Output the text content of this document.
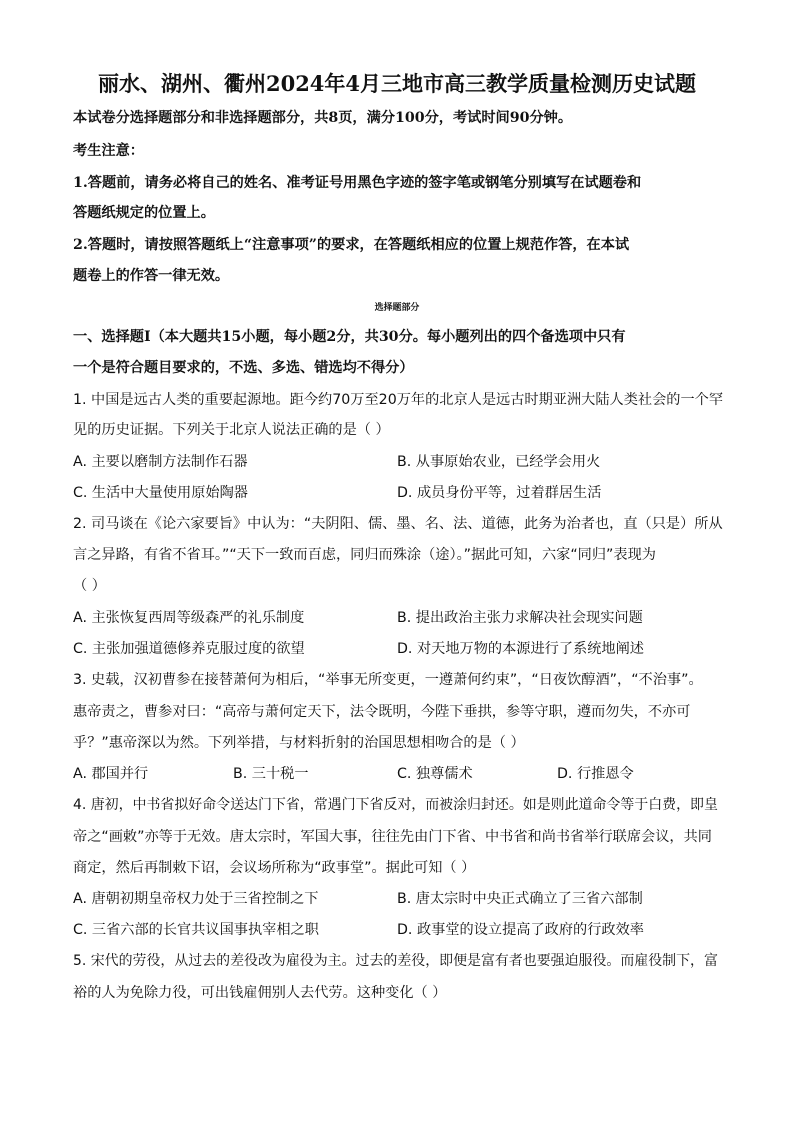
丽水、湖州、衢州2024年4月三地市高三教学质量检测历史试题
本试卷分选择题部分和非选择题部分，共8页，满分100分，考试时间90分钟。
考生注意：
1.答题前，请务必将自己的姓名、准考证号用黑色字迹的签字笔或钢笔分别填写在试题卷和
答题纸规定的位置上。
2.答题时，请按照答题纸上“注意事项”的要求，在答题纸相应的位置上规范作答，在本试
题卷上的作答一律无效。
选择题部分
一、选择题Ⅰ（本大题共15小题，每小题2分，共30分。每小题列出的四个备选项中只有
一个是符合题目要求的，不选、多选、错选均不得分）
1. 中国是远古人类的重要起源地。距今约70万至20万年的北京人是远古时期亚洲大陆人类社会的一个罕
见的历史证据。下列关于北京人说法正确的是（ ）
A. 主要以磨制方法制作石器	B. 从事原始农业，已经学会用火
C. 生活中大量使用原始陶器	D. 成员身份平等，过着群居生活
2. 司马谈在《论六家要旨》中认为：“夫阴阳、儒、墨、名、法、道德，此务为治者也，直（只是）所从
言之异路，有省不省耳。”“天下一致而百虑，同归而殊涂（途）。”据此可知，六家“同归”表现为
（ ）
A. 主张恢复西周等级森严的礼乐制度	B. 提出政治主张力求解决社会现实问题
C. 主张加强道德修养克服过度的欲望	D. 对天地万物的本源进行了系统地阐述
3. 史载，汉初曹参在接替萧何为相后，“举事无所变更，一遵萧何约束”，“日夜饮醇酒”，“不治事”。
惠帝责之，曹参对曰：“高帝与萧何定天下，法令既明，今陛下垂拱，参等守职，遵而勿失，不亦可
乎？”惠帝深以为然。下列举措，与材料折射的治国思想相吻合的是（ ）
A. 郡国并行	B. 三十税一	C. 独尊儒术	D. 行推恩令
4. 唐初，中书省拟好命令送达门下省，常遇门下省反对，而被涂归封还。如是则此道命令等于白费，即皇
帝之“画敕”亦等于无效。唐太宗时，军国大事，往往先由门下省、中书省和尚书省举行联席会议，共同
商定，然后再制敕下诏，会议场所称为“政事堂”。据此可知（ ）
A. 唐朝初期皇帝权力处于三省控制之下	B. 唐太宗时中央正式确立了三省六部制
C. 三省六部的长官共议国事执宰相之职	D. 政事堂的设立提高了政府的行政效率
5. 宋代的劳役，从过去的差役改为雇役为主。过去的差役，即便是富有者也要强迫服役。而雇役制下，富
裕的人为免除力役，可出钱雇佣别人去代劳。这种变化（ ）
